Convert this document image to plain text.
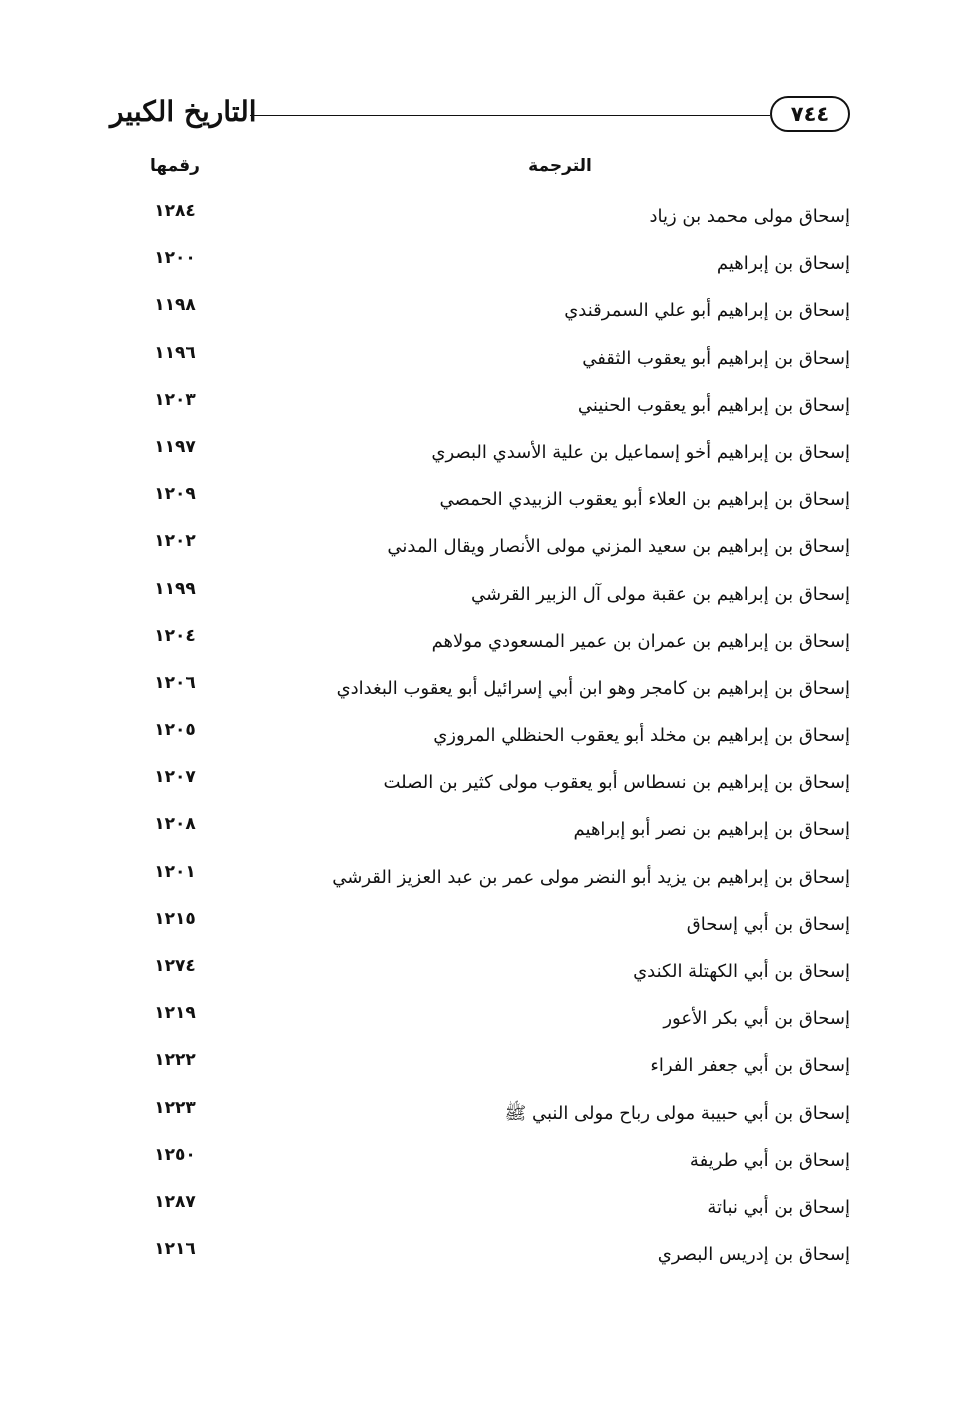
التاريخ الكبير	٧٤٤
الترجمة
رقمها
إسحاق مولى محمد بن زياد
١٢٨٤
إسحاق بن إبراهيم
١٢٠٠
إسحاق بن إبراهيم أبو علي السمرقندي
١١٩٨
إسحاق بن إبراهيم أبو يعقوب الثقفي
١١٩٦
إسحاق بن إبراهيم أبو يعقوب الحنيني
١٢٠٣
إسحاق بن إبراهيم أخو إسماعيل بن علية الأسدي البصري
١١٩٧
إسحاق بن إبراهيم بن العلاء أبو يعقوب الزبيدي الحمصي
١٢٠٩
إسحاق بن إبراهيم بن سعيد المزني مولى الأنصار ويقال المدني
١٢٠٢
إسحاق بن إبراهيم بن عقبة مولى آل الزبير القرشي
١١٩٩
إسحاق بن إبراهيم بن عمران بن عمير المسعودي مولاهم
١٢٠٤
إسحاق بن إبراهيم بن كامجر وهو ابن أبي إسرائيل أبو يعقوب البغدادي
١٢٠٦
إسحاق بن إبراهيم بن مخلد أبو يعقوب الحنظلي المروزي
١٢٠٥
إسحاق بن إبراهيم بن نسطاس أبو يعقوب مولى كثير بن الصلت
١٢٠٧
إسحاق بن إبراهيم بن نصر أبو إبراهيم
١٢٠٨
إسحاق بن إبراهيم بن يزيد أبو النضر مولى عمر بن عبد العزيز القرشي
١٢٠١
إسحاق بن أبي إسحاق
١٢١٥
إسحاق بن أبي الكهتلة الكندي
١٢٧٤
إسحاق بن أبي بكر الأعور
١٢١٩
إسحاق بن أبي جعفر الفراء
١٢٢٢
إسحاق بن أبي حبيبة مولى رباح مولى النبي ﷺ
١٢٢٣
إسحاق بن أبي طريفة
١٢٥٠
إسحاق بن أبي نباتة
١٢٨٧
إسحاق بن إدريس البصري
١٢١٦
